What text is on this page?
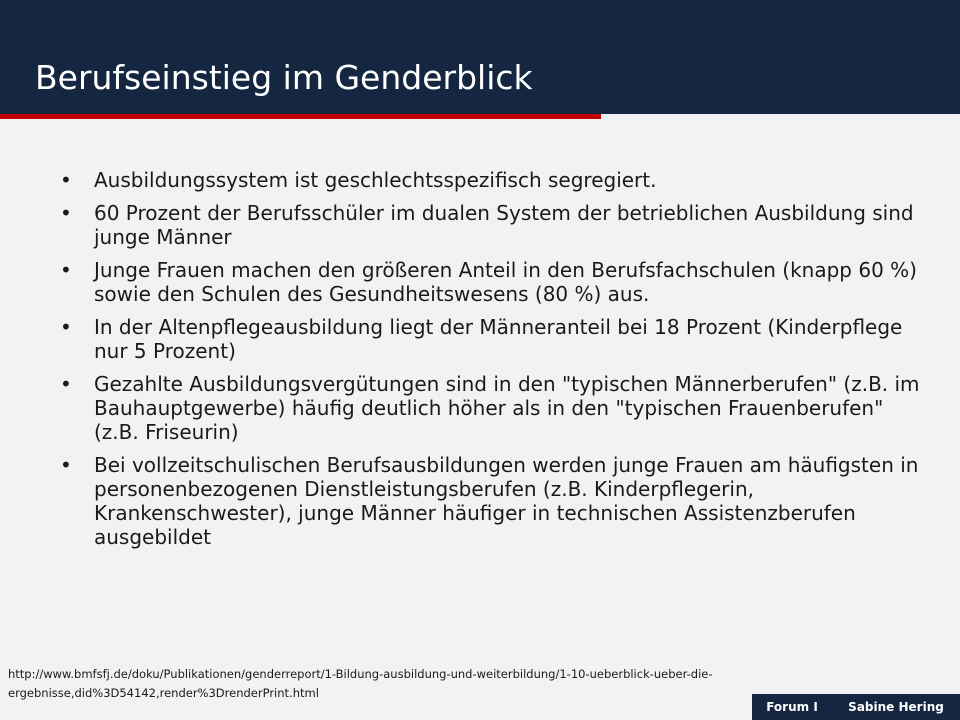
Berufseinstieg im Genderblick
• Ausbildungssystem ist geschlechtsspezifisch segregiert.
• 60 Prozent der Berufsschüler im dualen System der betrieblichen Ausbildung sind junge Männer
• Junge Frauen machen den größeren Anteil in den Berufsfachschulen (knapp 60 %) sowie den Schulen des Gesundheitswesens (80 %) aus.
• In der Altenpflegeausbildung liegt der Männeranteil bei 18 Prozent (Kinderpflege nur 5 Prozent)
• Gezahlte Ausbildungsvergütungen sind in den "typischen Männerberufen" (z.B. im Bauhauptgewerbe) häufig deutlich höher als in den "typischen Frauenberufen" (z.B. Friseurin)
• Bei vollzeitschulischen Berufsausbildungen werden junge Frauen am häufigsten in personenbezogenen Dienstleistungsberufen (z.B. Kinderpflegerin, Krankenschwester), junge Männer häufiger in technischen Assistenzberufen ausgebildet
http://www.bmfsfj.de/doku/Publikationen/genderreport/1-Bildung-ausbildung-und-weiterbildung/1-10-ueberblick-ueber-die-ergebnisse,did%3D54142,render%3DrenderPrint.html
Forum I	Sabine Hering
